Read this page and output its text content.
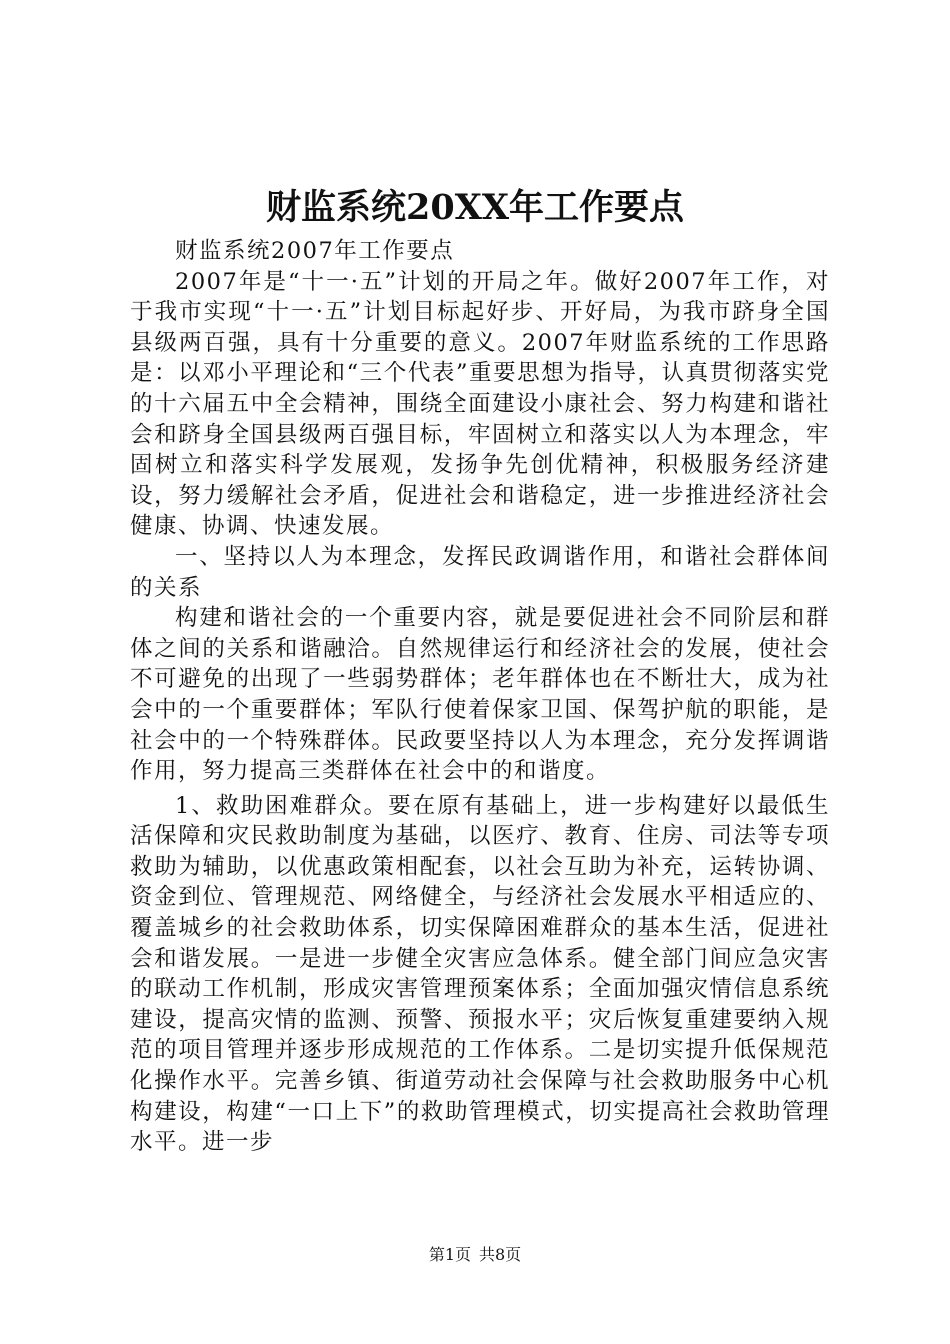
财监系统20XX年工作要点

财监系统2007年工作要点

2007年是“十一·五”计划的开局之年。做好2007年工作，对于我市实现“十一·五”计划目标起好步、开好局，为我市跻身全国县级两百强，具有十分重要的意义。2007年财监系统的工作思路是：以邓小平理论和“三个代表”重要思想为指导，认真贯彻落实党的十六届五中全会精神，围绕全面建设小康社会、努力构建和谐社会和跻身全国县级两百强目标，牢固树立和落实以人为本理念，牢固树立和落实科学发展观，发扬争先创优精神，积极服务经济建设，努力缓解社会矛盾，促进社会和谐稳定，进一步推进经济社会健康、协调、快速发展。

一、坚持以人为本理念，发挥民政调谐作用，和谐社会群体间的关系

构建和谐社会的一个重要内容，就是要促进社会不同阶层和群体之间的关系和谐融洽。自然规律运行和经济社会的发展，使社会不可避免的出现了一些弱势群体；老年群体也在不断壮大，成为社会中的一个重要群体；军队行使着保家卫国、保驾护航的职能，是社会中的一个特殊群体。民政要坚持以人为本理念，充分发挥调谐作用，努力提高三类群体在社会中的和谐度。

1、救助困难群众。要在原有基础上，进一步构建好以最低生活保障和灾民救助制度为基础，以医疗、教育、住房、司法等专项救助为辅助，以优惠政策相配套，以社会互助为补充，运转协调、资金到位、管理规范、网络健全，与经济社会发展水平相适应的、覆盖城乡的社会救助体系，切实保障困难群众的基本生活，促进社会和谐发展。一是进一步健全灾害应急体系。健全部门间应急灾害的联动工作机制，形成灾害管理预案体系；全面加强灾情信息系统建设，提高灾情的监测、预警、预报水平；灾后恢复重建要纳入规范的项目管理并逐步形成规范的工作体系。二是切实提升低保规范化操作水平。完善乡镇、街道劳动社会保障与社会救助服务中心机构建设，构建“一口上下”的救助管理模式，切实提高社会救助管理水平。进一步

第1页 共8页
